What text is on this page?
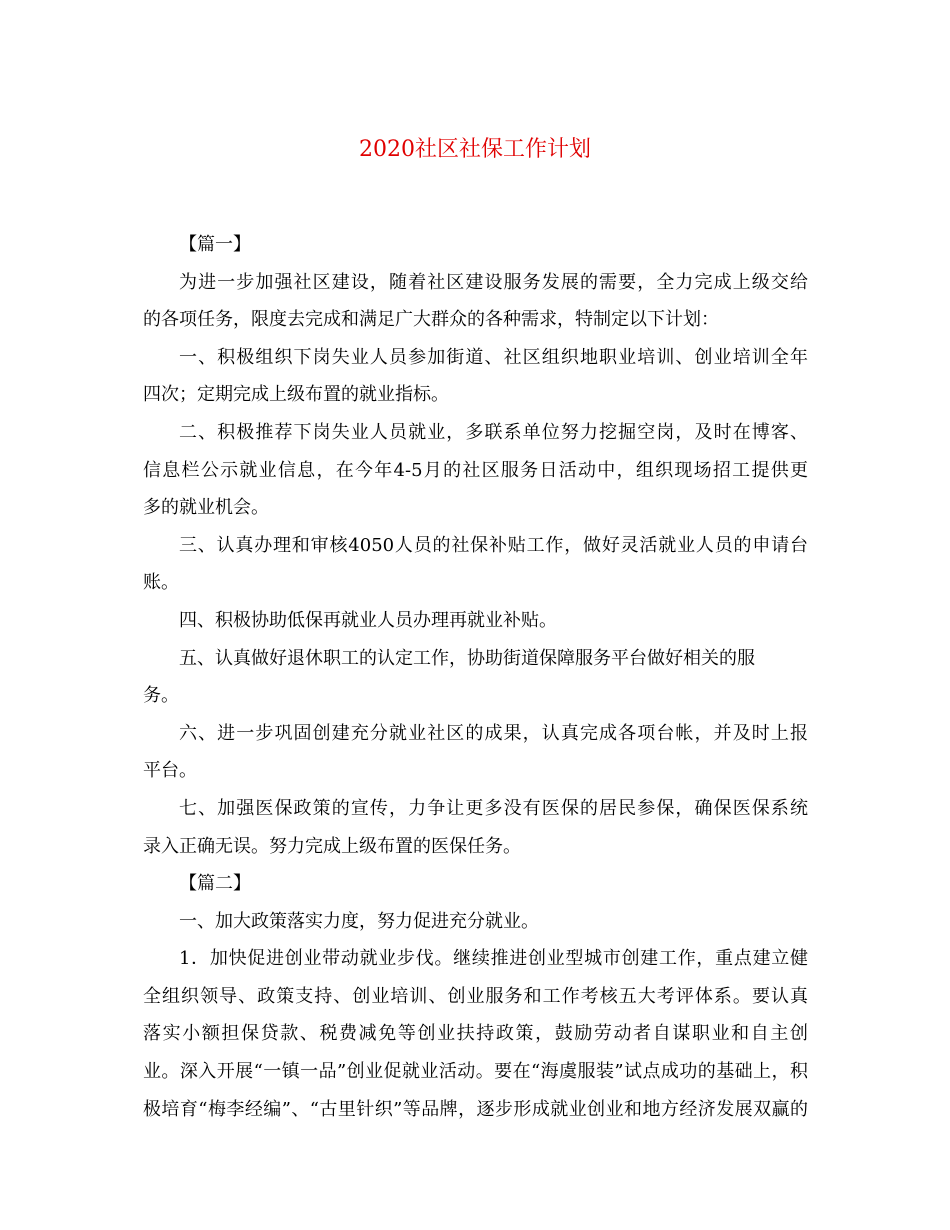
2020社区社保工作计划
【篇一】
为进一步加强社区建设，随着社区建设服务发展的需要，全力完成上级交给
的各项任务，限度去完成和满足广大群众的各种需求，特制定以下计划：
一、积极组织下岗失业人员参加街道、社区组织地职业培训、创业培训全年
四次；定期完成上级布置的就业指标。
二、积极推荐下岗失业人员就业，多联系单位努力挖掘空岗，及时在博客、
信息栏公示就业信息，在今年4-5月的社区服务日活动中，组织现场招工提供更
多的就业机会。
三、认真办理和审核4050人员的社保补贴工作，做好灵活就业人员的申请台
账。
四、积极协助低保再就业人员办理再就业补贴。
五、认真做好退休职工的认定工作，协助街道保障服务平台做好相关的服
务。
六、进一步巩固创建充分就业社区的成果，认真完成各项台帐，并及时上报
平台。
七、加强医保政策的宣传，力争让更多没有医保的居民参保，确保医保系统
录入正确无误。努力完成上级布置的医保任务。
【篇二】
一、加大政策落实力度，努力促进充分就业。
1．加快促进创业带动就业步伐。继续推进创业型城市创建工作，重点建立健
全组织领导、政策支持、创业培训、创业服务和工作考核五大考评体系。要认真
落实小额担保贷款、税费减免等创业扶持政策，鼓励劳动者自谋职业和自主创
业。深入开展“一镇一品”创业促就业活动。要在“海虞服装”试点成功的基础上，积
极培育“梅李经编”、“古里针织”等品牌，逐步形成就业创业和地方经济发展双赢的
